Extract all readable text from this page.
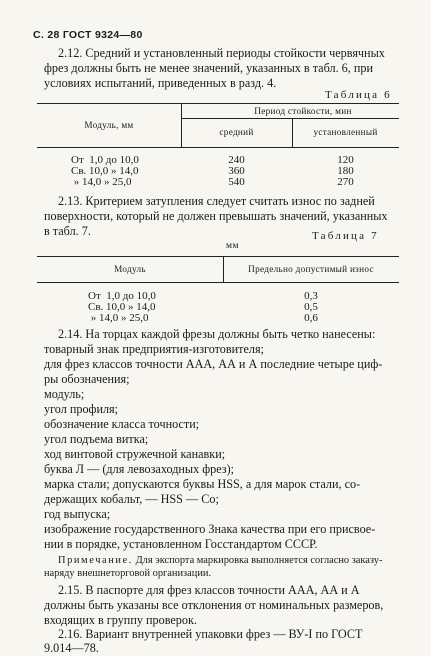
С. 28 ГОСТ 9324—80
2.12. Средний и установленный периоды стойкости червячных
фрез должны быть не менее значений, указанных в табл. 6, при
условиях испытаний, приведенных в разд. 4.
Таблица 6
Период стойкости, мин
Модуль, мм
средний	установленный
От  1,0 до 10,0	240	120
Св. 10,0 » 14,0	360	180
» 14,0 » 25,0	540	270
2.13. Критерием затупления следует считать износ по задней
поверхности, который не должен превышать значений, указанных
в табл. 7.	Таблица 7
мм
Модуль	Предельно допустимый износ
От  1,0 до 10,0	0,3
Св. 10,0 » 14,0	0,5
» 14,0 » 25,0	0,6
2.14. На торцах каждой фрезы должны быть четко нанесены:
товарный знак предприятия-изготовителя;
для фрез классов точности ААА, АА и А последние четыре циф-
ры обозначения;
модуль;
угол профиля;
обозначение класса точности;
угол подъема витка;
ход винтовой стружечной канавки;
буква Л — (для левозаходных фрез);
марка стали; допускаются буквы HSS, а для марок стали, со-
держащих кобальт, — HSS — Со;
год выпуска;
изображение государственного Знака качества при его присвое-
нии в порядке, установленном Госстандартом СССР.
Примечание. Для экспорта маркировка выполняется согласно заказу-
наряду внешнеторговой организации.
2.15. В паспорте для фрез классов точности ААА, АА и А
должны быть указаны все отклонения от номинальных размеров,
входящих в группу проверок.
2.16. Вариант внутренней упаковки фрез — ВУ-I по ГОСТ
9.014—78.
